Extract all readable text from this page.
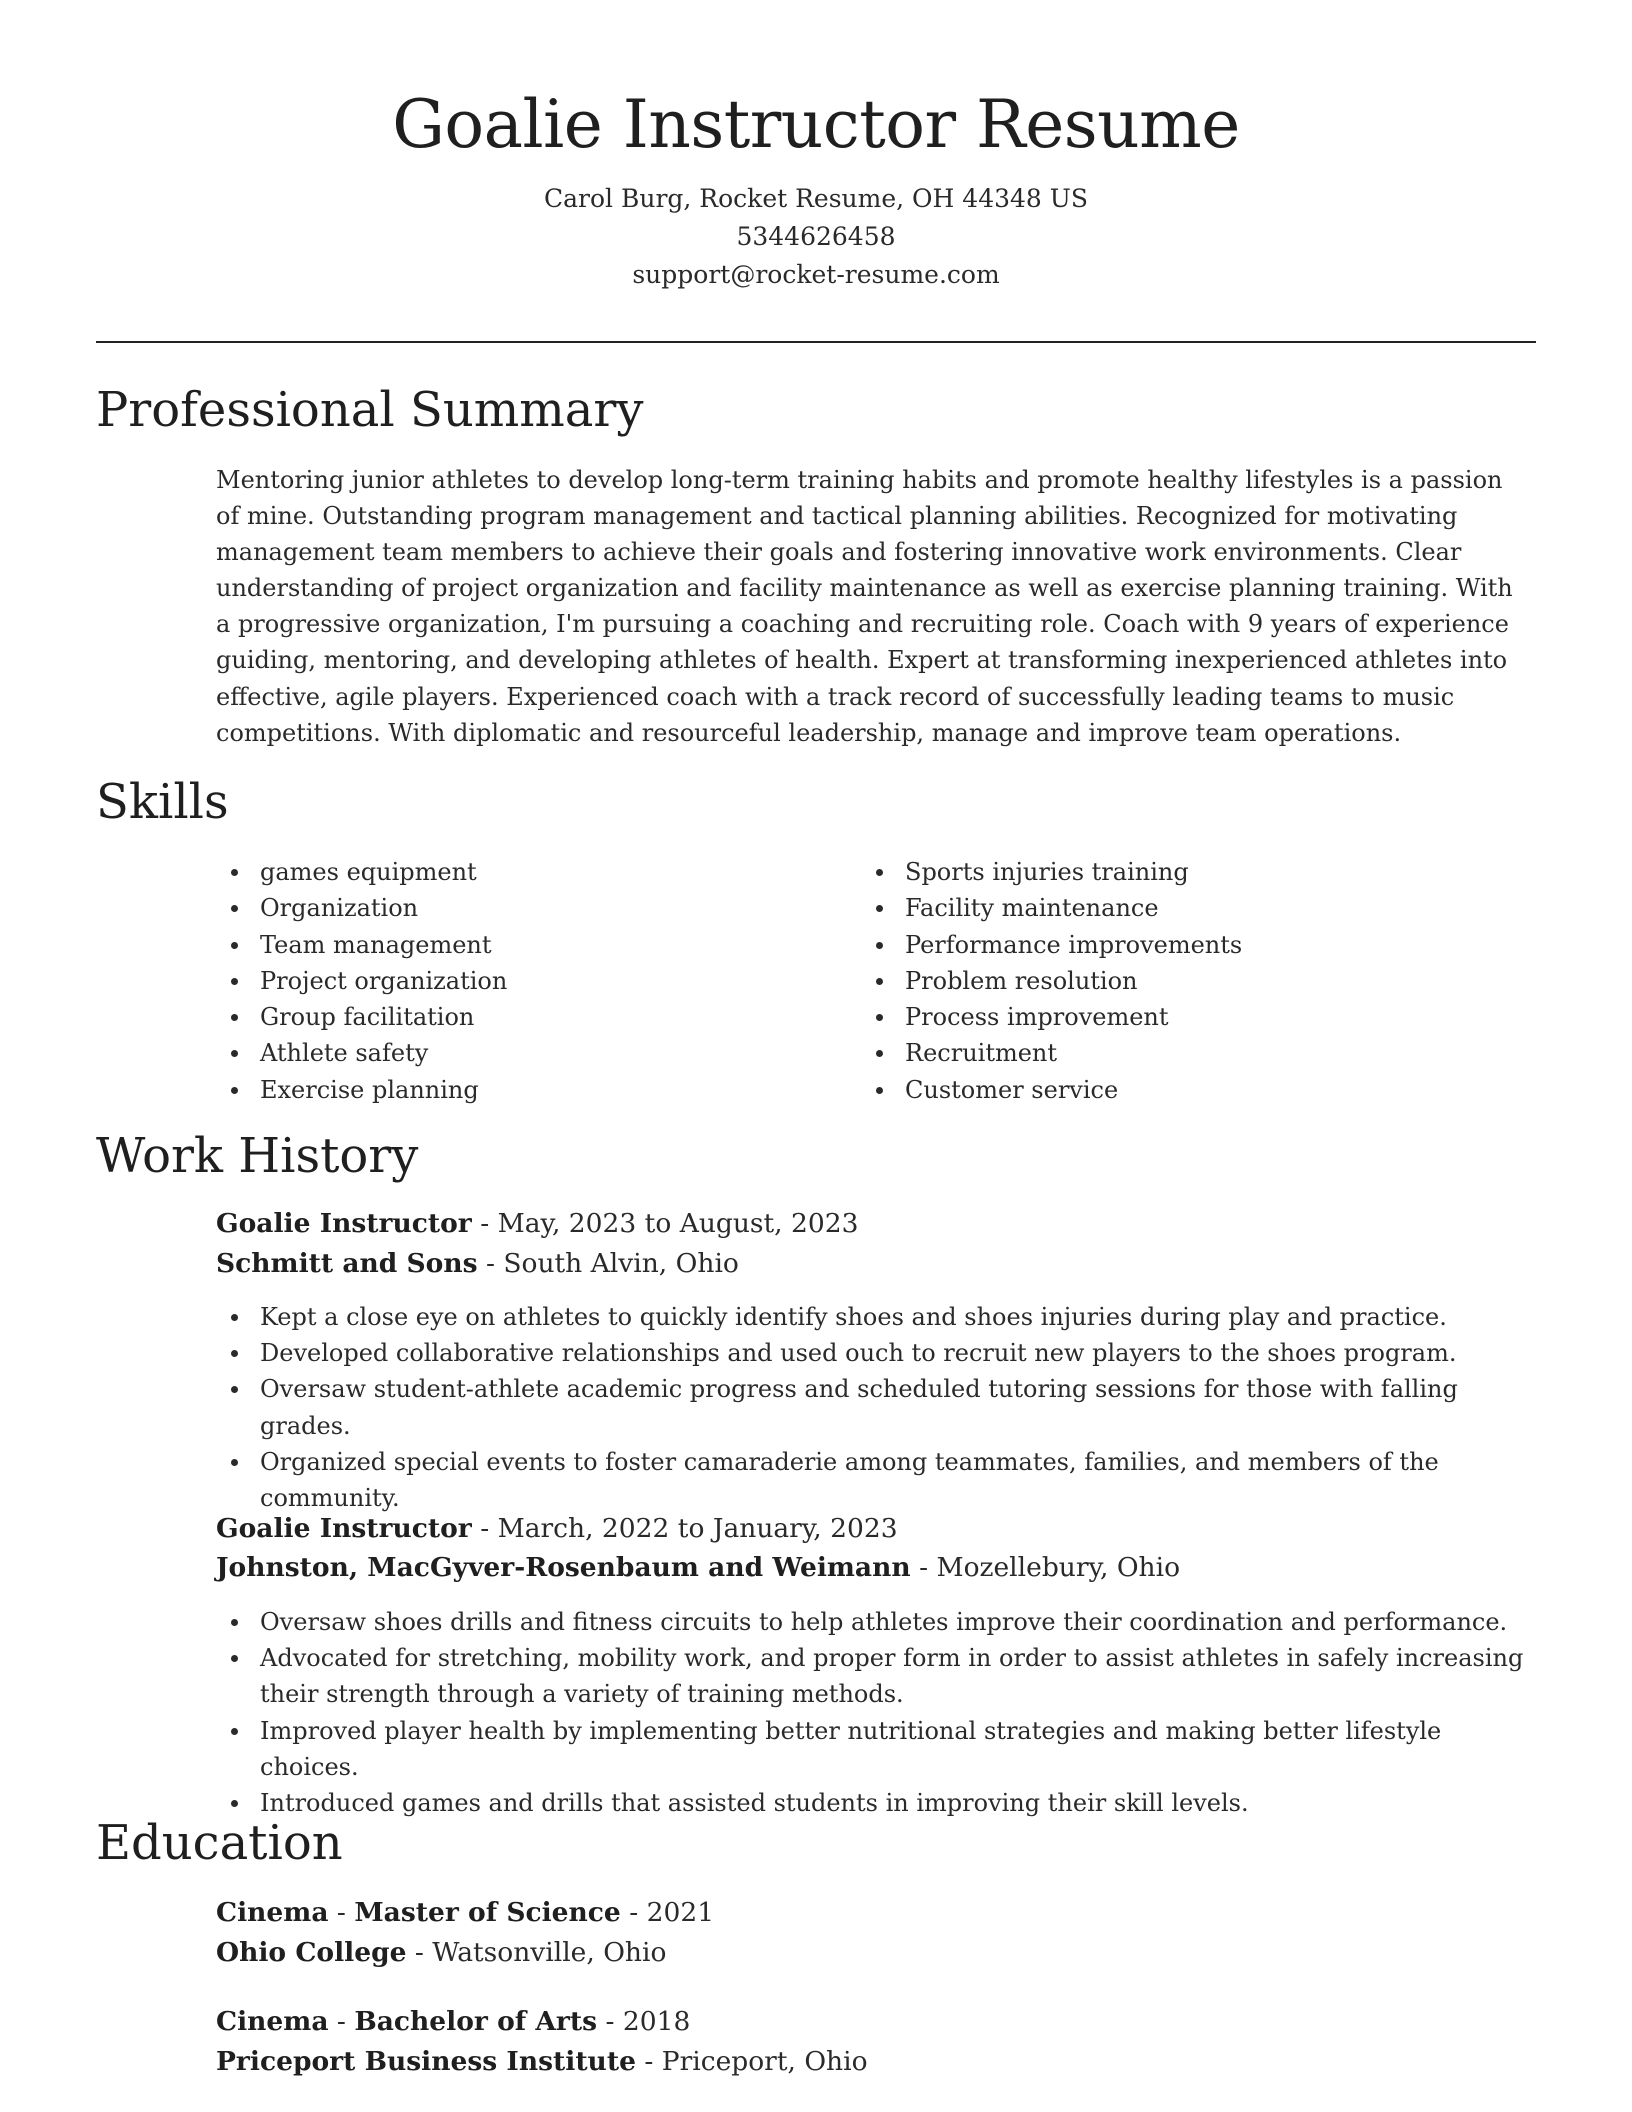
Goalie Instructor Resume
Carol Burg, Rocket Resume, OH 44348 US
5344626458
support@rocket-resume.com
Professional Summary

Mentoring junior athletes to develop long-term training habits and promote healthy lifestyles is a passion of mine. Outstanding program management and tactical planning abilities. Recognized for motivating management team members to achieve their goals and fostering innovative work environments. Clear understanding of project organization and facility maintenance as well as exercise planning training. With a progressive organization, I'm pursuing a coaching and recruiting role. Coach with 9 years of experience guiding, mentoring, and developing athletes of health. Expert at transforming inexperienced athletes into effective, agile players. Experienced coach with a track record of successfully leading teams to music competitions. With diplomatic and resourceful leadership, manage and improve team operations.

Skills
games equipment
Organization
Team management
Project organization
Group facilitation
Athlete safety
Exercise planning
Sports injuries training
Facility maintenance
Performance improvements
Problem resolution
Process improvement
Recruitment
Customer service
Work History
Goalie Instructor - May, 2023 to August, 2023
Schmitt and Sons - South Alvin, Ohio
Kept a close eye on athletes to quickly identify shoes and shoes injuries during play and practice.
Developed collaborative relationships and used ouch to recruit new players to the shoes program.
Oversaw student-athlete academic progress and scheduled tutoring sessions for those with falling grades.
Organized special events to foster camaraderie among teammates, families, and members of the community.
Goalie Instructor - March, 2022 to January, 2023
Johnston, MacGyver-Rosenbaum and Weimann - Mozellebury, Ohio
Oversaw shoes drills and fitness circuits to help athletes improve their coordination and performance.
Advocated for stretching, mobility work, and proper form in order to assist athletes in safely increasing their strength through a variety of training methods.
Improved player health by implementing better nutritional strategies and making better lifestyle choices.
Introduced games and drills that assisted students in improving their skill levels.
Education
Cinema - Master of Science - 2021
Ohio College - Watsonville, Ohio
Cinema - Bachelor of Arts - 2018
Priceport Business Institute - Priceport, Ohio
